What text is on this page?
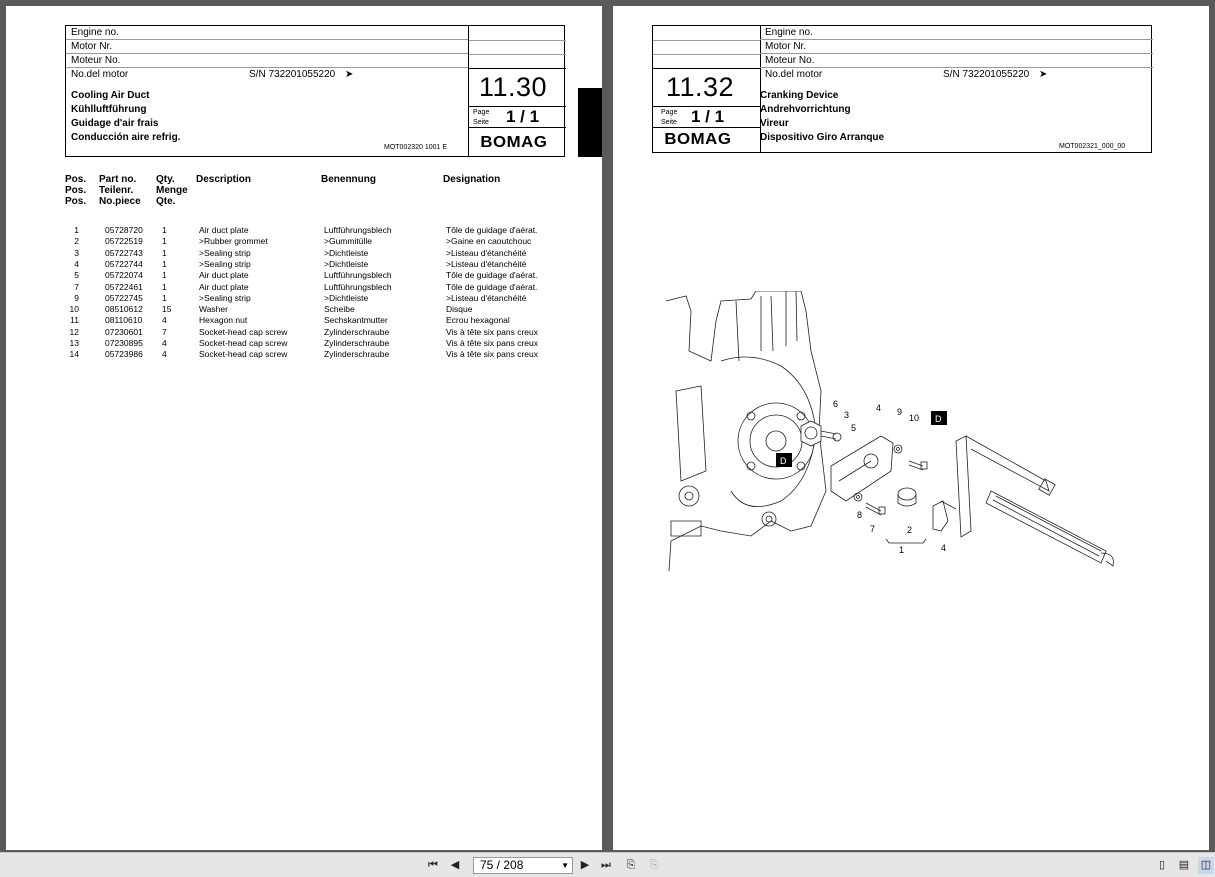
Engine no.
Motor Nr.
Moteur No.
No.del motor	S/N 732201055220 ➤
Cooling Air Duct
Kühlluftführung
Guidage d'air frais
Conducción aire refrig.
11.30
Page
Seite 1 / 1
MOT002320 1001 E BOMAG
Pos.
Pos.
Pos.
Part no.
Teilenr.
No.piece
Qty.
Menge
Qte.
Description	Benennung	Designation
1	05728720 1	Air duct plate	Luftführungsblech	Tôle de guidage d'aérat.
2	05722519 1	>Rubber grommet	>Gummitülle	>Gaine en caoutchouc
3	05722743 1	>Sealing strip	>Dichtleiste	>Listeau d'étanchéité
4	05722744 1	>Sealing strip	>Dichtleiste	>Listeau d'étanchéité
5	05722074 1	Air duct plate	Luftführungsblech	Tôle de guidage d'aérat.
7	05722461 1	Air duct plate	Luftführungsblech	Tôle de guidage d'aérat.
9	05722745 1	>Sealing strip	>Dichtleiste	>Listeau d'étanchéité
10	08510612 15	Washer	Scheibe	Disque
11	08110610 4	Hexagon nut	Sechskantmutter	Ecrou hexagonal
12	07230601 7	Socket-head cap screw	Zylinderschraube	Vis à tête six pans creux
13	07230895 4	Socket-head cap screw	Zylinderschraube	Vis à tête six pans creux
14	05723986 4	Socket-head cap screw	Zylinderschraube	Vis à tête six pans creux
Engine no.
Motor Nr.
Moteur No.
No.del motor	S/N 732201055220 ➤
Cranking Device
Andrehvorrichtung
Vireur
Dispositivo Giro Arranque
11.32
Page
Seite 1 / 1
MOT002321_000_00
BOMAG
D
D
6
3
4 9
10
5
8
7	2
1	4
⏮ ◀	75 / 208	▼ ▶ ⏭	⎘	⎘	▯	▤ ◫
